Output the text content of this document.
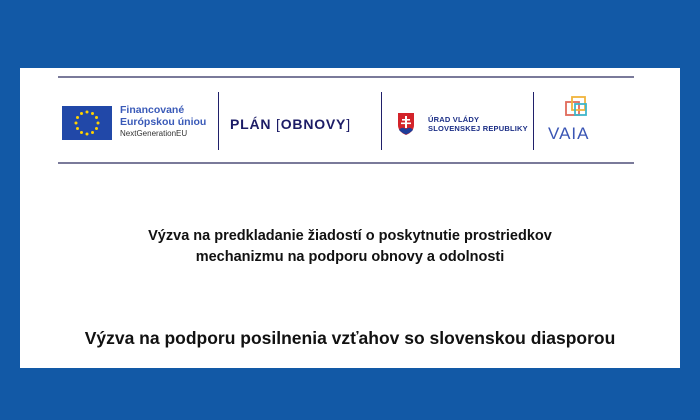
Financované
Európskou úniou
NextGenerationEU
PLÁN [OBNOVY]	ÚRAD VLÁDY
SLOVENSKEJ REPUBLIKY VAIA
Výzva na predkladanie žiadostí o poskytnutie prostriedkov
mechanizmu na podporu obnovy a odolnosti
Výzva na podporu posilnenia vzťahov so slovenskou diasporou
